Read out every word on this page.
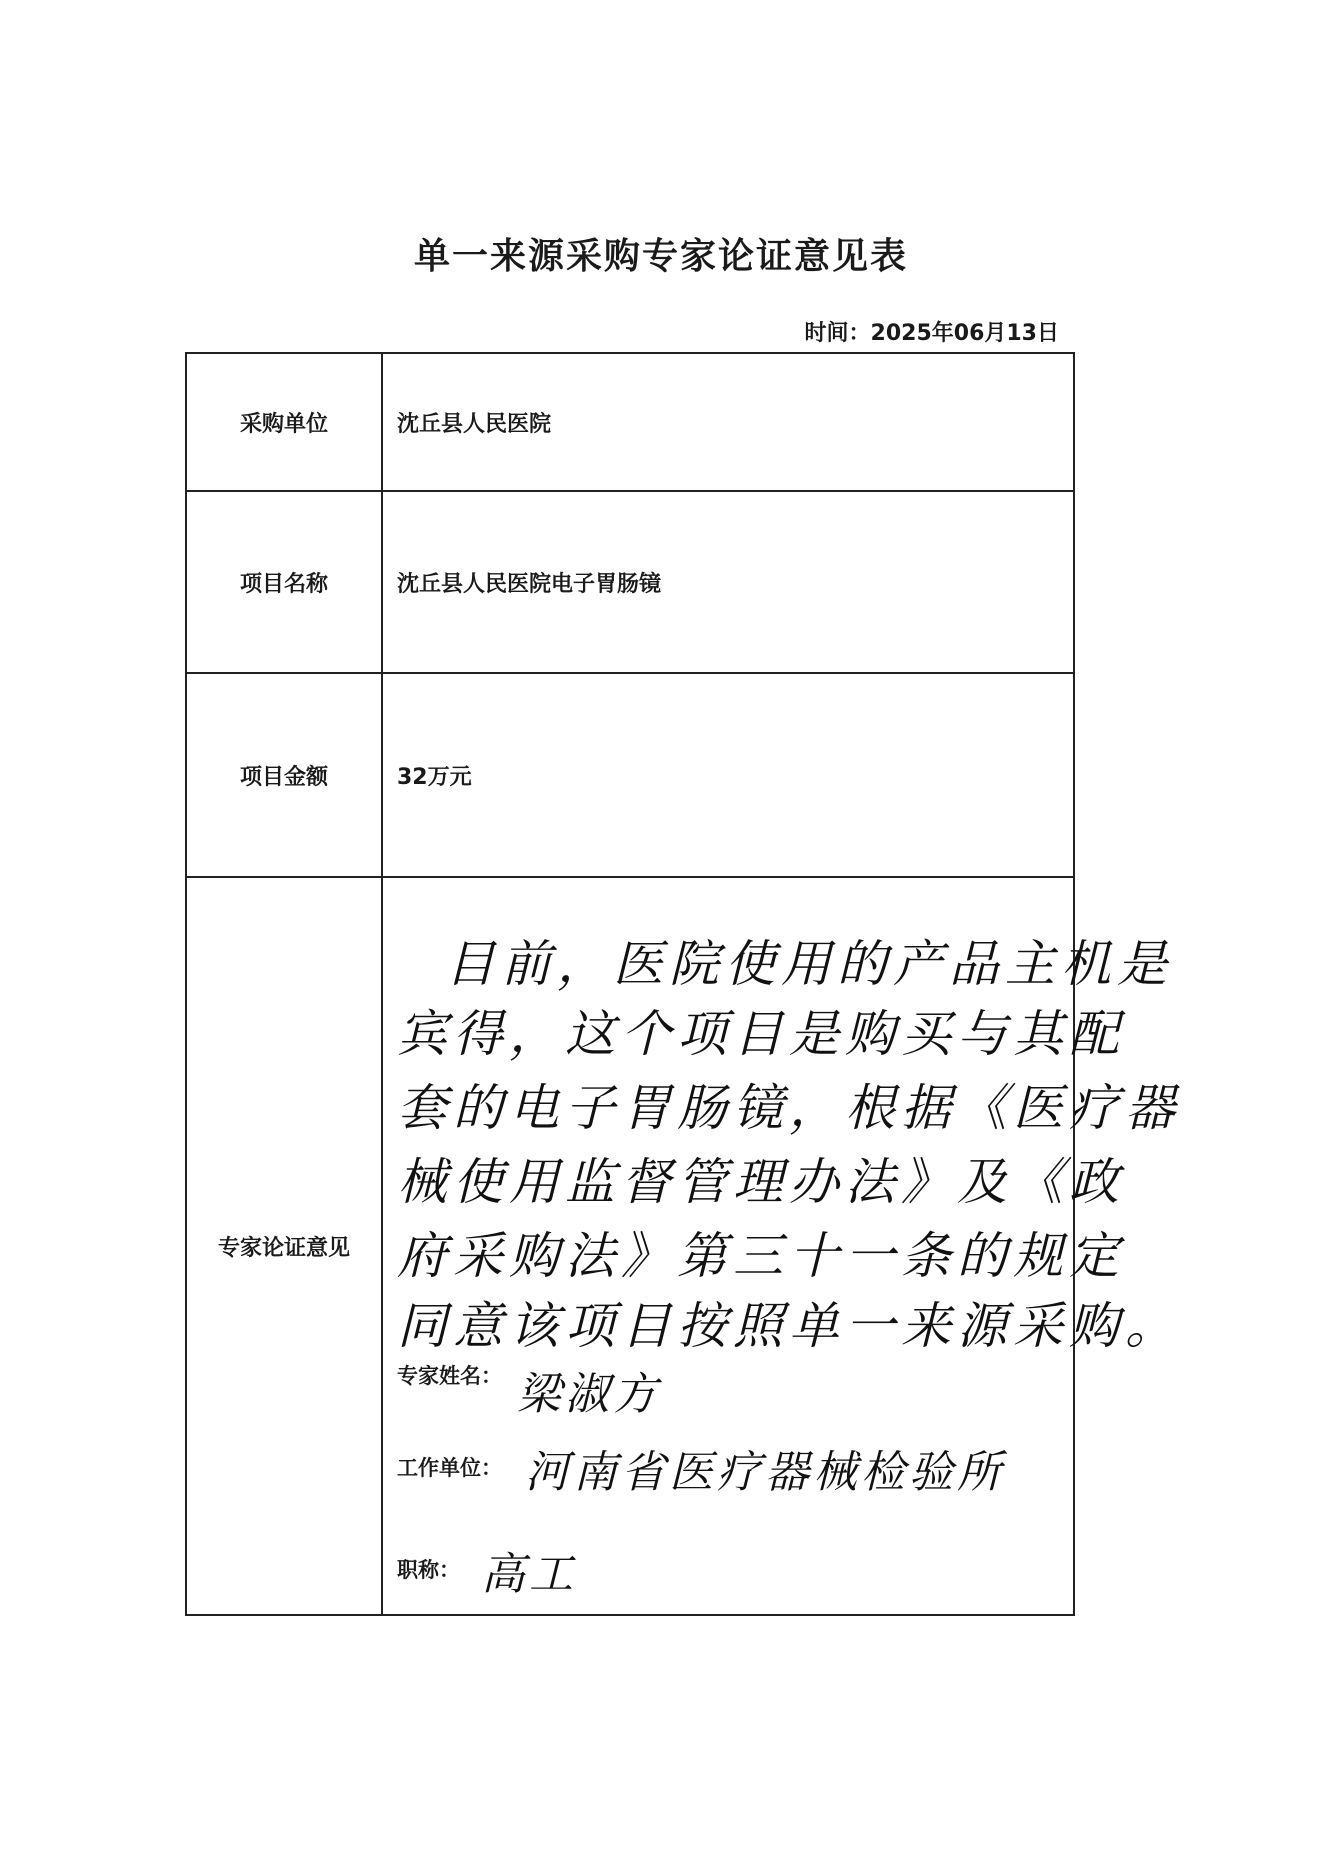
单一来源采购专家论证意见表
时间：2025年06月13日
采购单位	沈丘县人民医院
项目名称	沈丘县人民医院电子胃肠镜
项目金额	32万元
专家论证意见
目前，医院使用的产品主机是
宾得，这个项目是购买与其配
套的电子胃肠镜，根据《医疗器
械使用监督管理办法》及《政
府采购法》第三十一条的规定
同意该项目按照单一来源采购。
专家姓名： 梁淑方
工作单位： 河南省医疗器械检验所
职称： 高工
